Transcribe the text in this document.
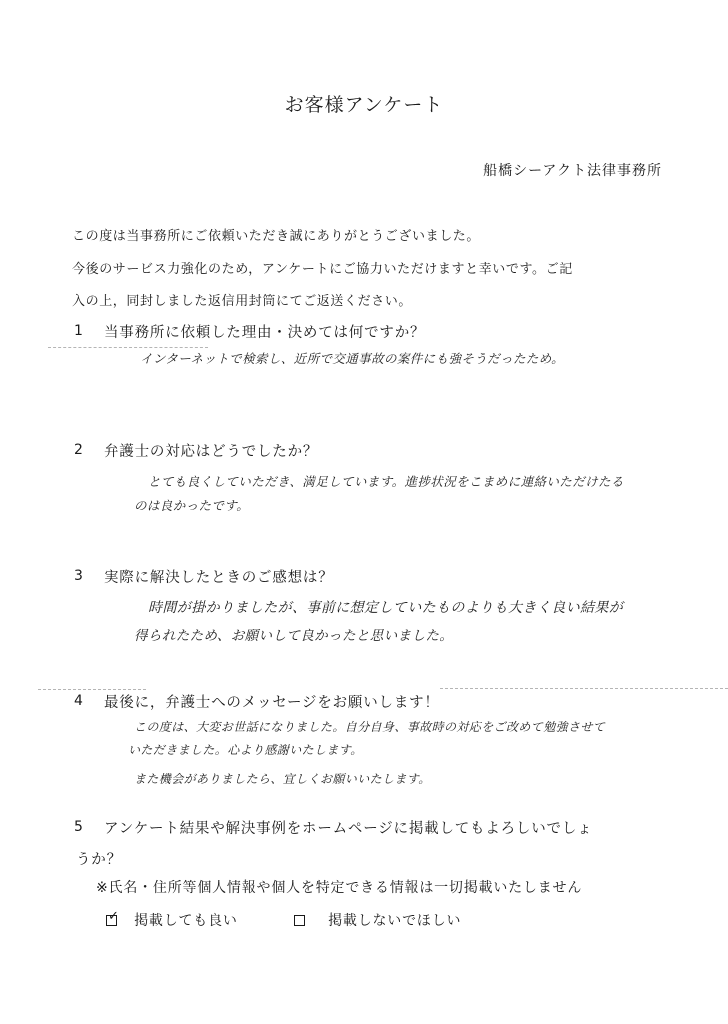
お客様アンケート
船橋シーアクト法律事務所
この度は当事務所にご依頼いただき誠にありがとうございました。
今後のサービス力強化のため，アンケートにご協力いただけますと幸いです。ご記
入の上，同封しました返信用封筒にてご返送ください。
1 当事務所に依頼した理由・決めては何ですか？
インターネットで検索し、近所で交通事故の案件にも強そうだったため。
2 弁護士の対応はどうでしたか？
とても良くしていただき、満足しています。進捗状況をこまめに連絡いただけたる
のは良かったです。
3 実際に解決したときのご感想は？
時間が掛かりましたが、事前に想定していたものよりも大きく良い結果が
得られたため、お願いして良かったと思いました。
4 最後に，弁護士へのメッセージをお願いします！
この度は、大変お世話になりました。自分自身、事故時の対応をご改めて勉強させて
いただきました。心より感謝いたします。
また機会がありましたら、宜しくお願いいたします。
5 アンケート結果や解決事例をホームページに掲載してもよろしいでしょ
うか？
※氏名・住所等個人情報や個人を特定できる情報は一切掲載いたしません
✓ 掲載しても良い	掲載しないでほしい
